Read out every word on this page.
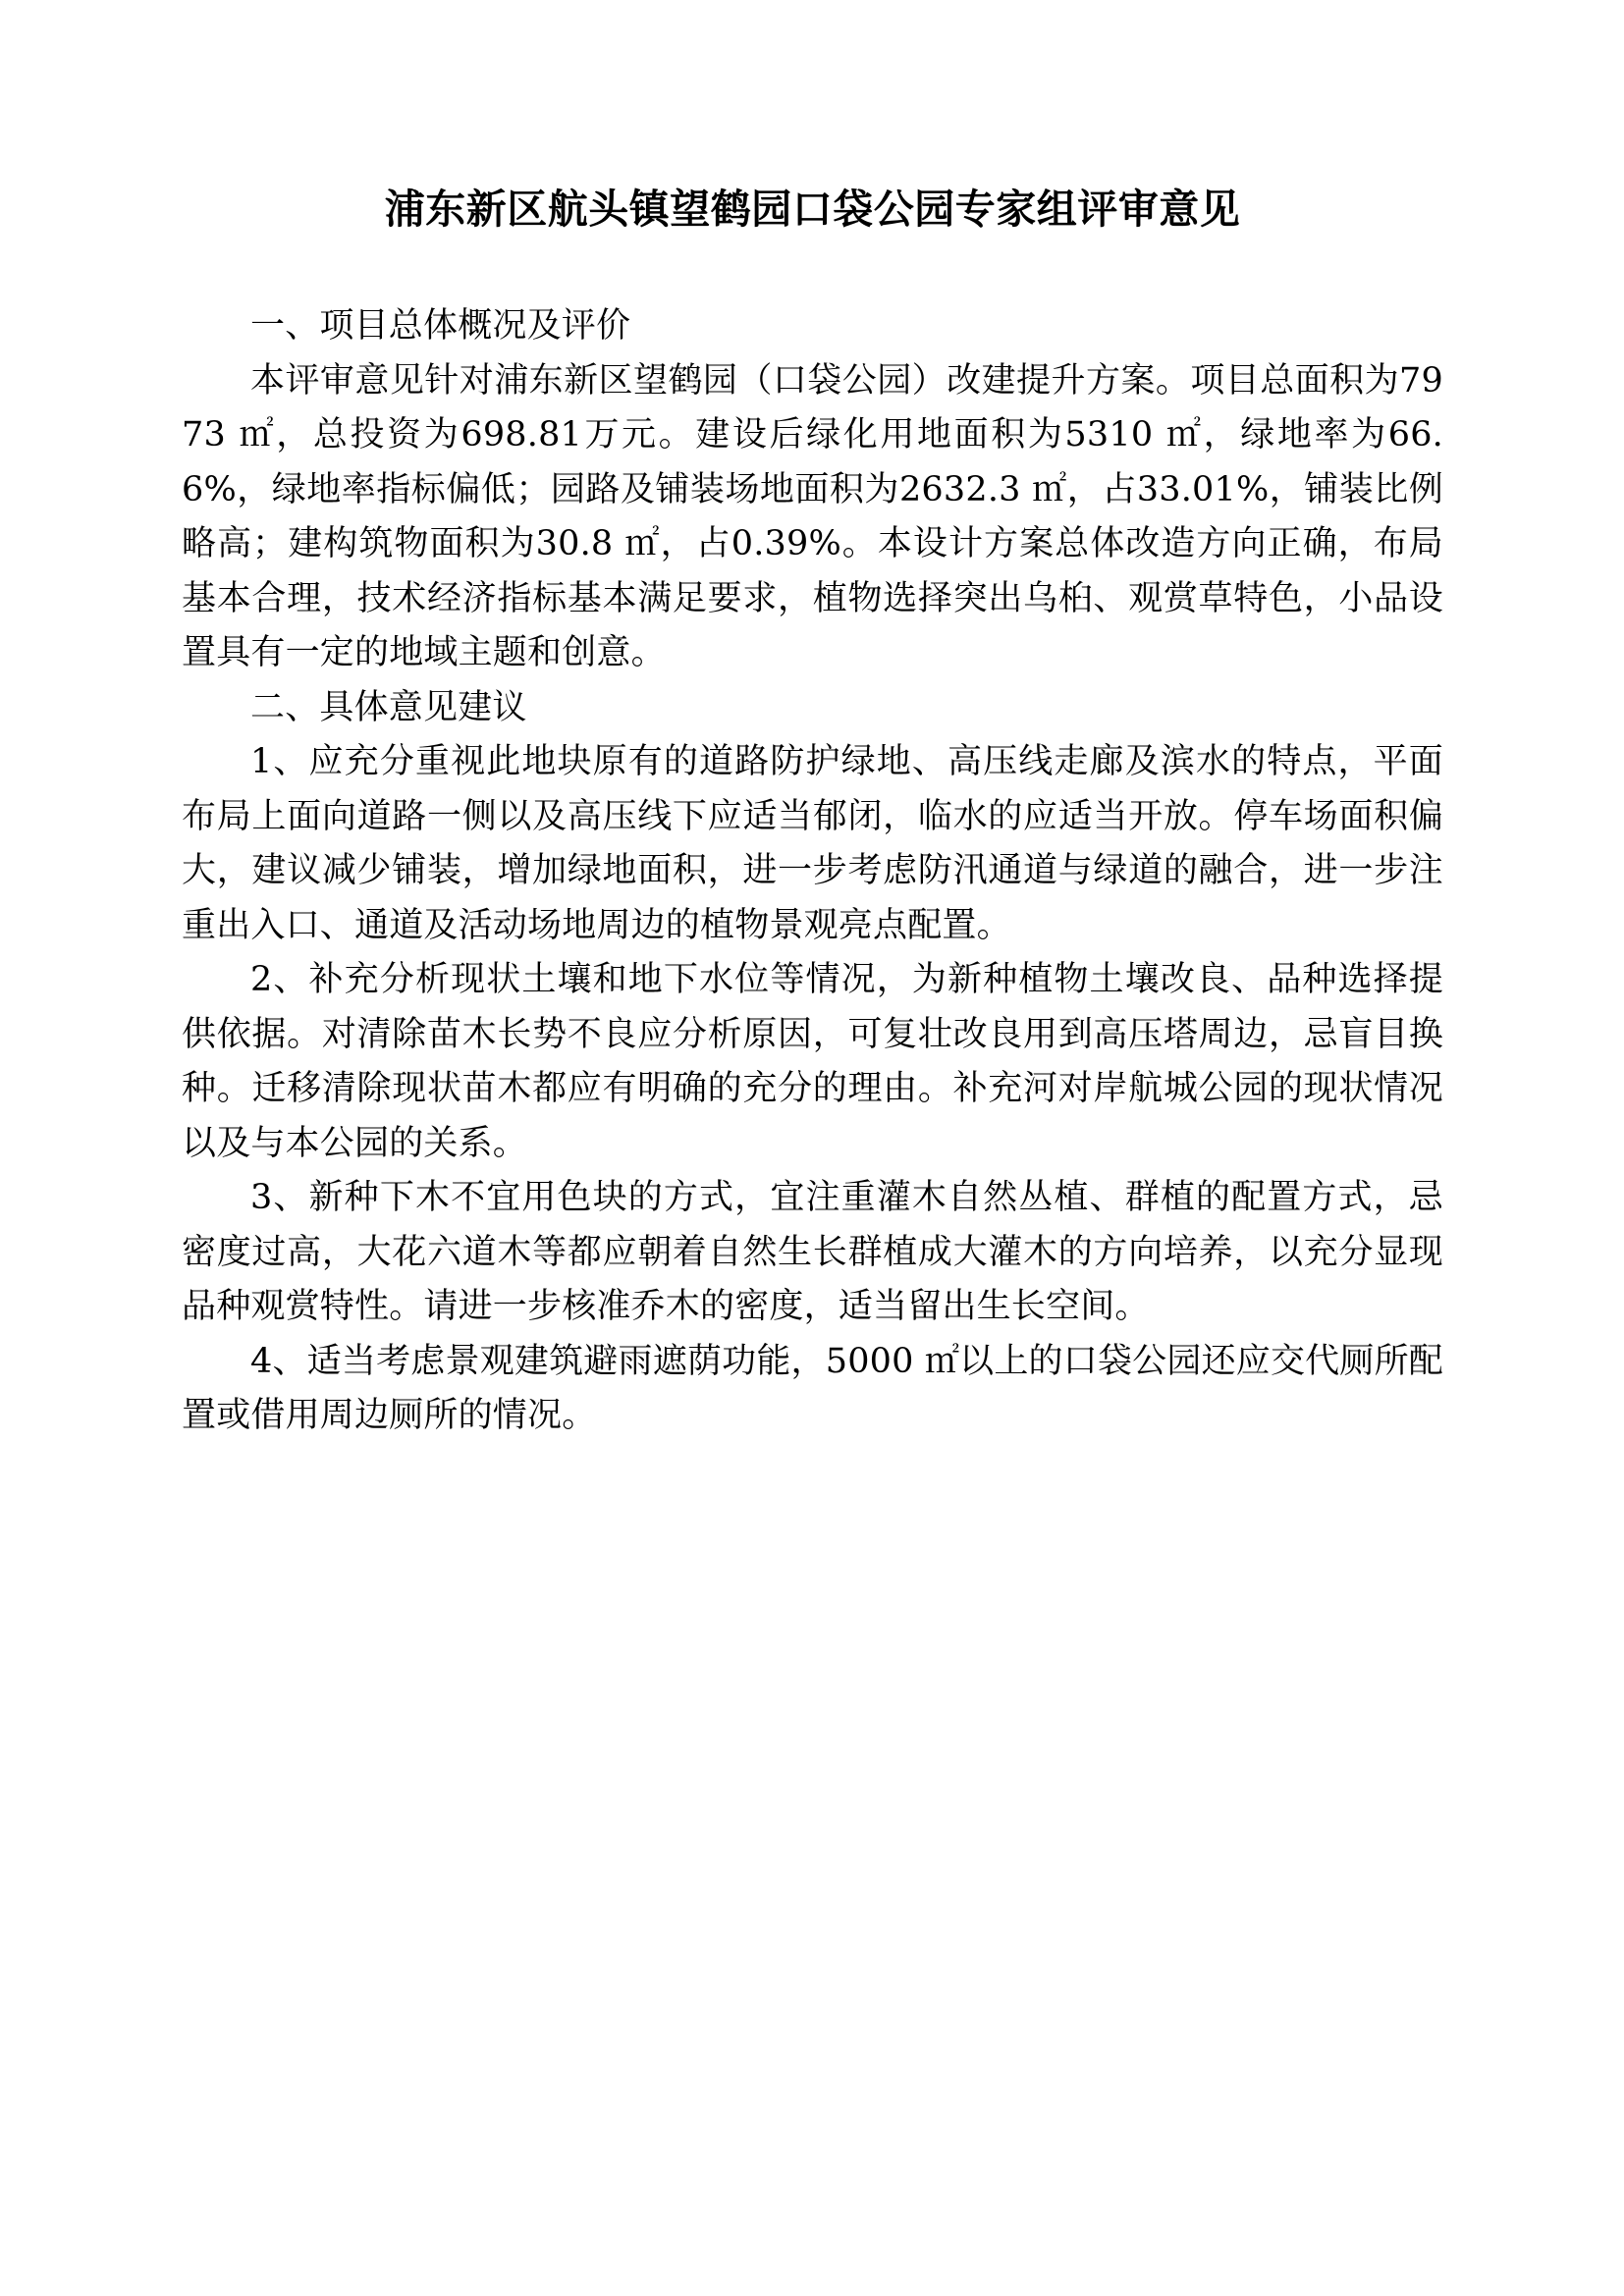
浦东新区航头镇望鹤园口袋公园专家组评审意见

一、项目总体概况及评价

本评审意见针对浦东新区望鹤园（口袋公园）改建提升方案。项目总面积为7973 ㎡，总投资为698.81万元。建设后绿化用地面积为5310 ㎡，绿地率为66.6%，绿地率指标偏低；园路及铺装场地面积为2632.3 ㎡，占33.01%，铺装比例略高；建构筑物面积为30.8 ㎡，占0.39%。本设计方案总体改造方向正确，布局基本合理，技术经济指标基本满足要求，植物选择突出乌桕、观赏草特色，小品设置具有一定的地域主题和创意。

二、具体意见建议

1、应充分重视此地块原有的道路防护绿地、高压线走廊及滨水的特点，平面布局上面向道路一侧以及高压线下应适当郁闭，临水的应适当开放。停车场面积偏大，建议减少铺装，增加绿地面积，进一步考虑防汛通道与绿道的融合，进一步注重出入口、通道及活动场地周边的植物景观亮点配置。

2、补充分析现状土壤和地下水位等情况，为新种植物土壤改良、品种选择提供依据。对清除苗木长势不良应分析原因，可复壮改良用到高压塔周边，忌盲目换种。迁移清除现状苗木都应有明确的充分的理由。补充河对岸航城公园的现状情况以及与本公园的关系。

3、新种下木不宜用色块的方式，宜注重灌木自然丛植、群植的配置方式，忌密度过高，大花六道木等都应朝着自然生长群植成大灌木的方向培养，以充分显现品种观赏特性。请进一步核准乔木的密度，适当留出生长空间。

4、适当考虑景观建筑避雨遮荫功能，5000 ㎡以上的口袋公园还应交代厕所配置或借用周边厕所的情况。
